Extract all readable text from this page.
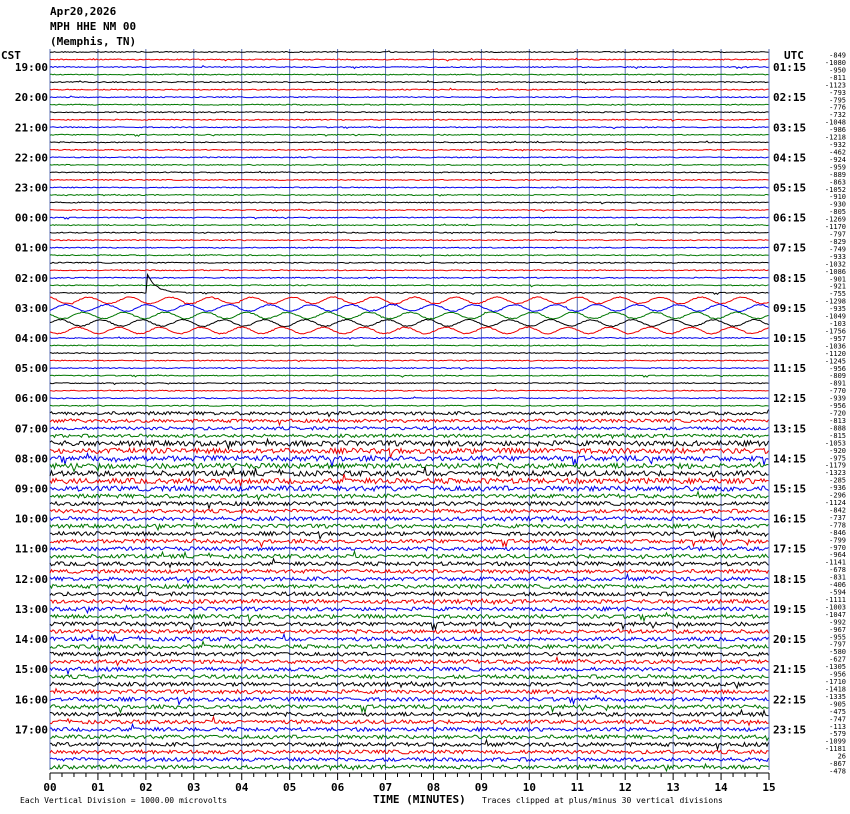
Apr20,2026
MPH HHE NM 00
(Memphis, TN)
CST	UTC
00	01	02	03	04	05	06	07	08	09	10	11	12	13	14	15
19:00
20:00
21:00
22:00
23:00
00:00
01:00
02:00
03:00
04:00
05:00
06:00
07:00
08:00
09:00
10:00
11:00
12:00
13:00
14:00
15:00
16:00
17:00
01:15
02:15
03:15
04:15
05:15
06:15
07:15
08:15
09:15
10:15
11:15
12:15
13:15
14:15
15:15
16:15
17:15
18:15
19:15
20:15
21:15
22:15
23:15
-849
-1080
-950
-811
-1123
-793
-795
-776
-732
-1048
-986
-1218
-932
-462
-924
-959
-889
-863
-1052
-910
-930
-805
-1269
-1170
-797
-829
-749
-933
-1032
-1086
-901
-921
-755
-1298
-935
-1049
-103
-1756
-957
-1036
-1120
-1245
-956
-809
-891
-770
-939
-956
-720
-813
-888
-815
-1053
-920
-975
-1179
-1323
-285
-936
-296
-1124
-842
-737
-778
-846
-799
-970
-964
-1141
-678
-831
-406
-594
-1111
-1003
-1047
-992
-967
-955
-797
-580
-627
-1305
-956
-1710
-1418
-1335
-905
-475
-747
-113
-579
-1099
-1181
26
-867
-478
TIME (MINUTES)
Each Vertical Division = 1000.00 microvolts	Traces clipped at plus/minus 30 vertical divisions
